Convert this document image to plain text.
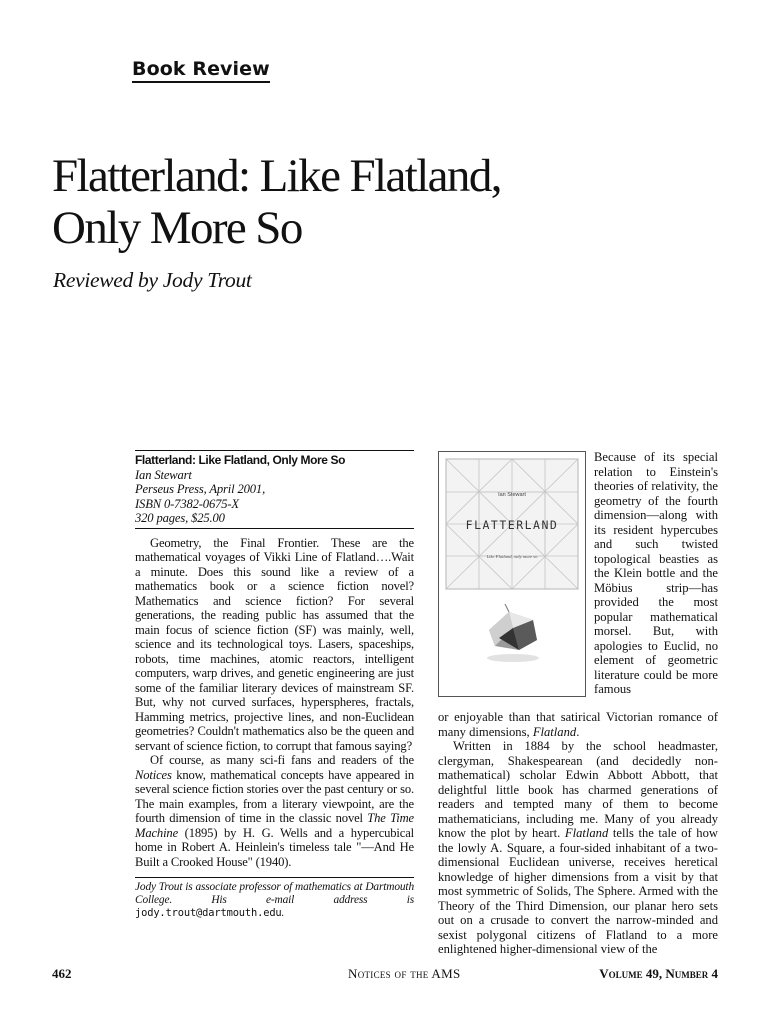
Book Review
Flatterland: Like Flatland,
Only More So

Reviewed by Jody Trout

Flatterland: Like Flatland, Only More So
Ian Stewart
Perseus Press, April 2001,
ISBN 0-7382-0675-X
320 pages, $25.00

Geometry, the Final Frontier. These are the mathematical voyages of Vikki Line of Flatland….Wait a minute. Does this sound like a review of a mathematics book or a science fiction novel? Mathematics and science fiction? For several generations, the reading public has assumed that the main focus of science fiction (SF) was mainly, well, science and its technological toys. Lasers, spaceships, robots, time machines, atomic reactors, intelligent computers, warp drives, and genetic engineering are just some of the familiar literary devices of mainstream SF. But, why not curved surfaces, hyperspheres, fractals, Hamming metrics, projective lines, and non-Euclidean geometries? Couldn't mathematics also be the queen and servant of science fiction, to corrupt that famous saying?

Of course, as many sci-fi fans and readers of the Notices know, mathematical concepts have appeared in several science fiction stories over the past century or so. The main examples, from a literary viewpoint, are the fourth dimension of time in the classic novel The Time Machine (1895) by H. G. Wells and a hypercubical home in Robert A. Heinlein's timeless tale "—And He Built a Crooked House" (1940).

Jody Trout is associate professor of mathematics at Dartmouth College. His e-mail address is jody.trout@dartmouth.edu.
Ian Stewart
FLATTERLAND
Like Flatland, only more so

Because of its special relation to Einstein's theories of relativity, the geometry of the fourth dimension—along with its resident hypercubes and such twisted topological beasties as the Klein bottle and the Möbius strip—has provided the most popular mathematical morsel. But, with apologies to Euclid, no element of geometric literature could be more famous

or enjoyable than that satirical Victorian romance of many dimensions, Flatland.

Written in 1884 by the school headmaster, clergyman, Shakespearean (and decidedly non-mathematical) scholar Edwin Abbott Abbott, that delightful little book has charmed generations of readers and tempted many of them to become mathematicians, including me. Many of you already know the plot by heart. Flatland tells the tale of how the lowly A. Square, a four-sided inhabitant of a two-dimensional Euclidean universe, receives heretical knowledge of higher dimensions from a visit by that most symmetric of Solids, The Sphere. Armed with the Theory of the Third Dimension, our planar hero sets out on a crusade to convert the narrow-minded and sexist polygonal citizens of Flatland to a more enlightened higher-dimensional view of the

462	Notices of the AMS	Volume 49, Number 4
